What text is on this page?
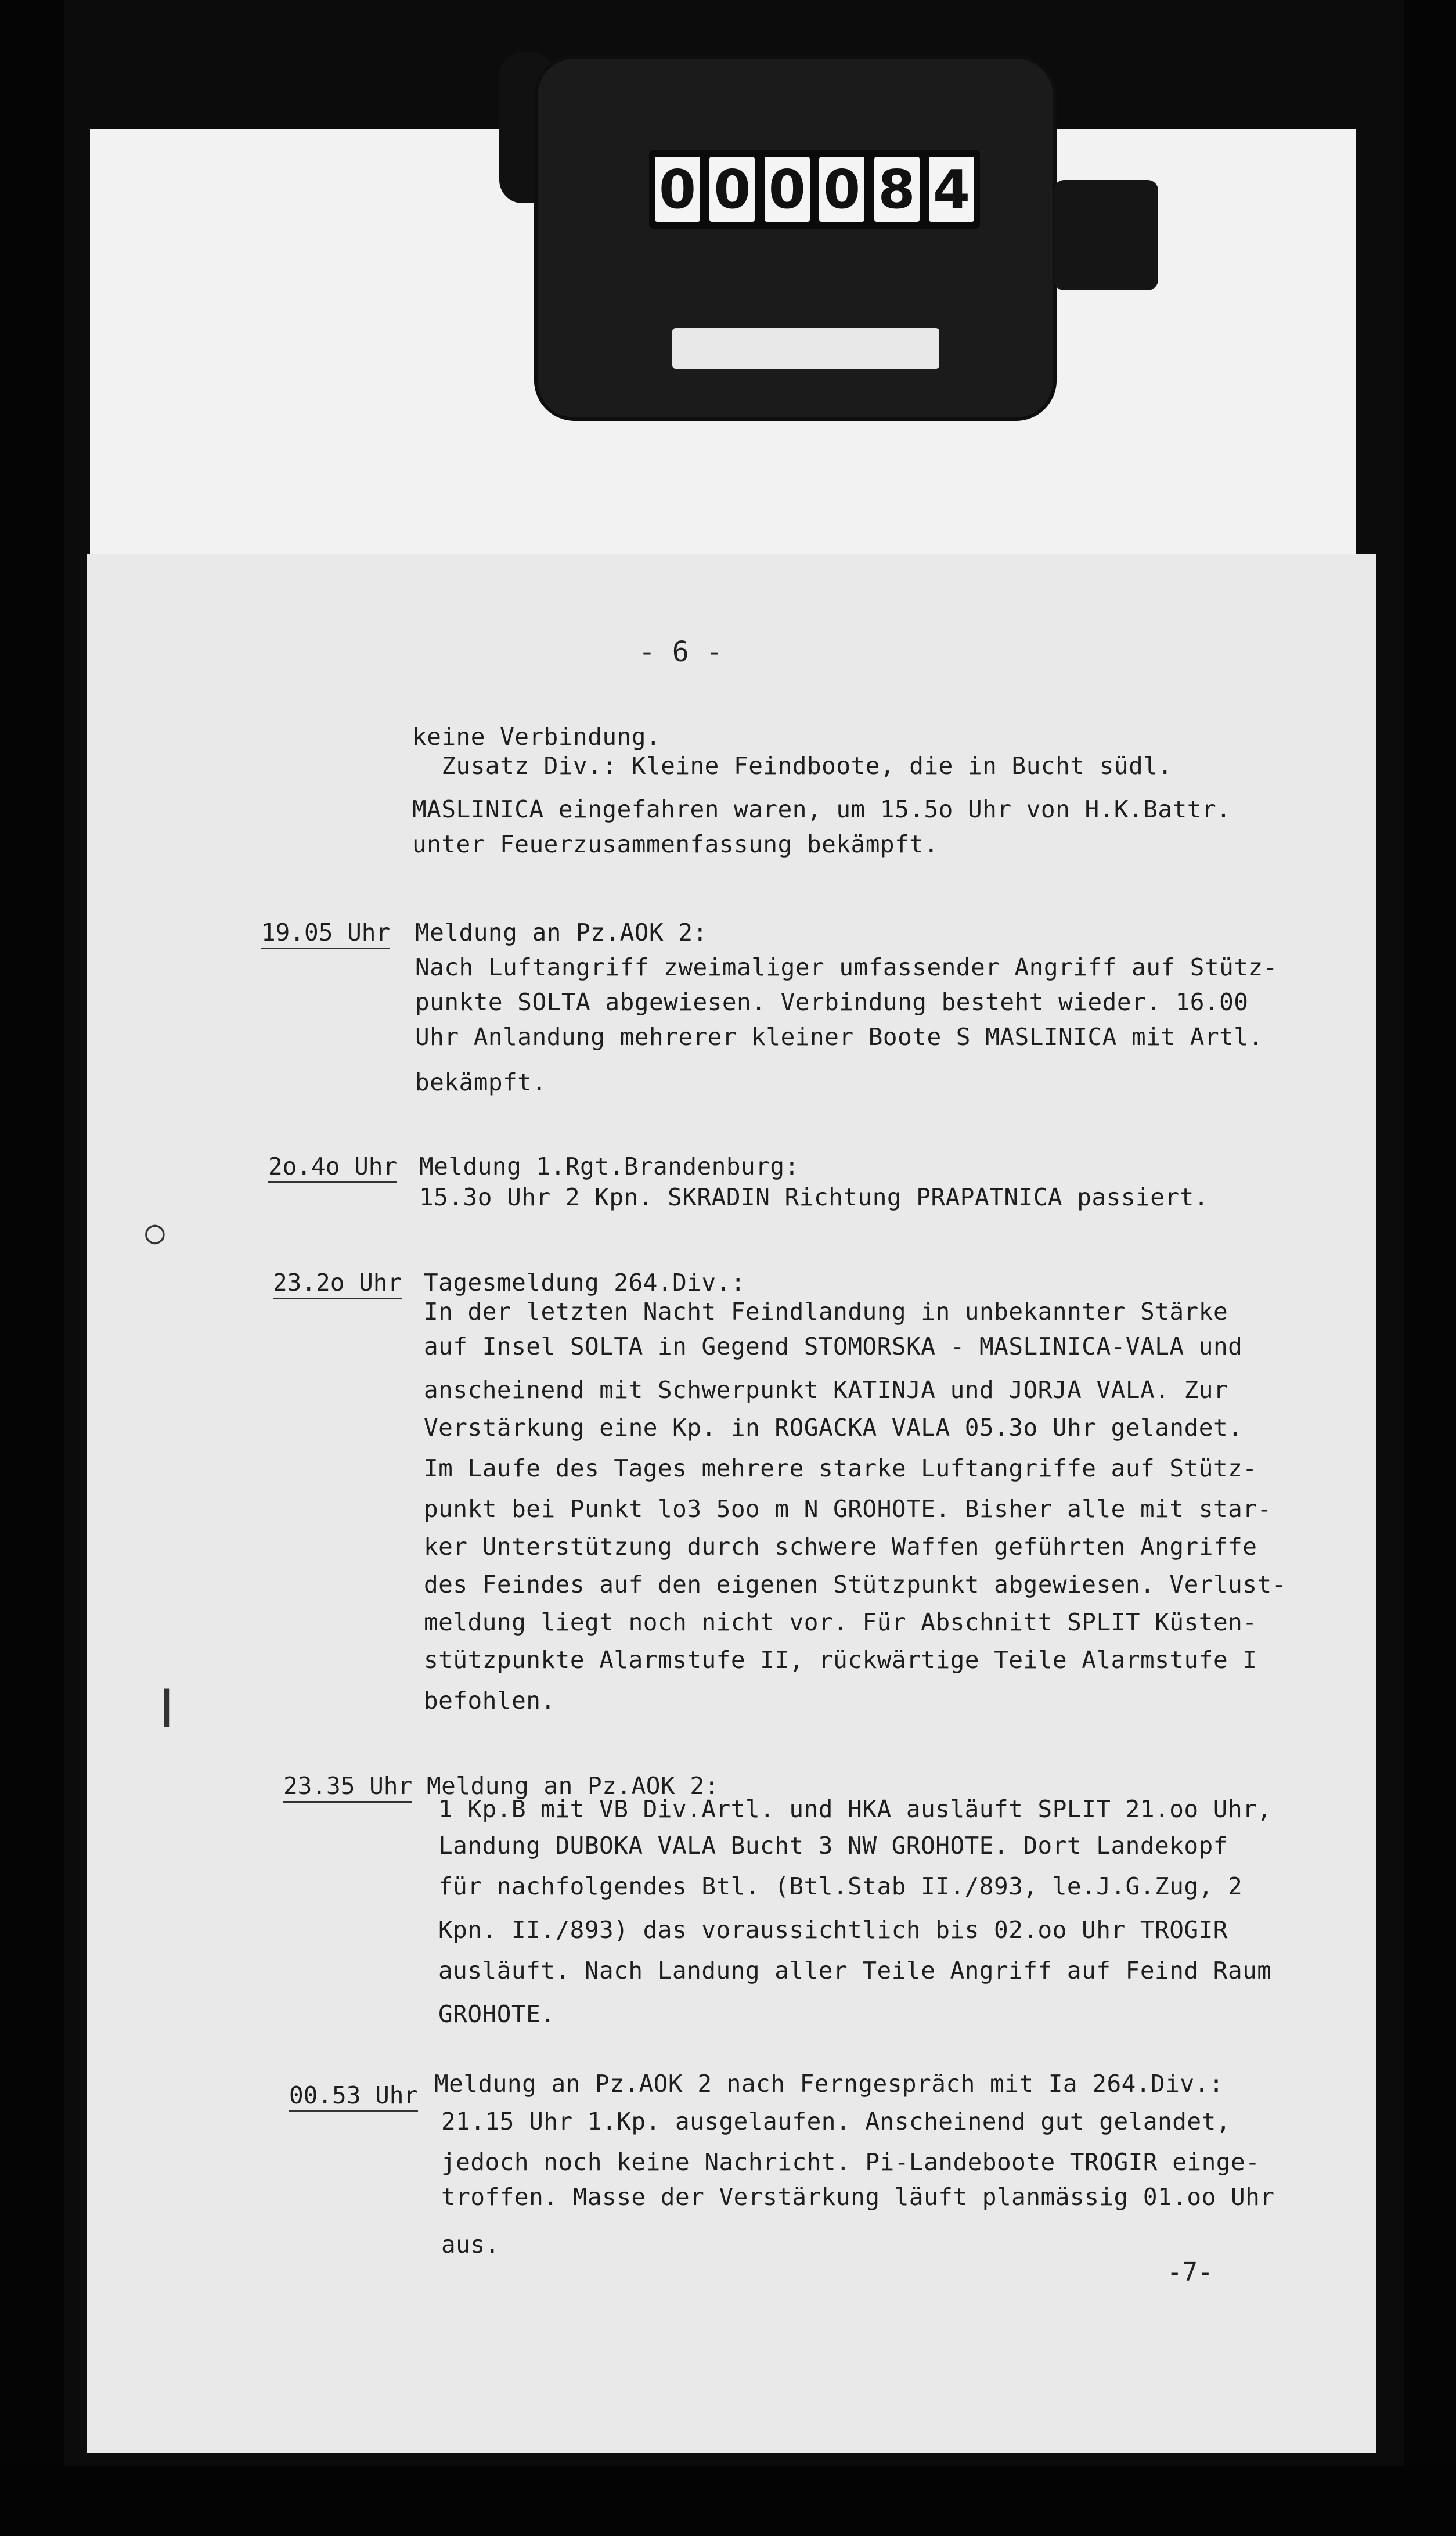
0 0 0 0 8 4
○
┃
- 6 -
keine Verbindung.
Zusatz Div.: Kleine Feindboote, die in Bucht südl.
MASLINICA eingefahren waren, um 15.5o Uhr von H.K.Battr.
unter Feuerzusammenfassung bekämpft.
19.05 Uhr Meldung an Pz.AOK 2:
Nach Luftangriff zweimaliger umfassender Angriff auf Stütz-
punkte SOLTA abgewiesen. Verbindung besteht wieder. 16.00
Uhr Anlandung mehrerer kleiner Boote S MASLINICA mit Artl.
bekämpft.
2o.4o Uhr Meldung 1.Rgt.Brandenburg:
15.3o Uhr 2 Kpn. SKRADIN Richtung PRAPATNICA passiert.
23.2o Uhr Tagesmeldung 264.Div.:
In der letzten Nacht Feindlandung in unbekannter Stärke
auf Insel SOLTA in Gegend STOMORSKA - MASLINICA-VALA und
anscheinend mit Schwerpunkt KATINJA und JORJA VALA. Zur
Verstärkung eine Kp. in ROGACKA VALA 05.3o Uhr gelandet.
Im Laufe des Tages mehrere starke Luftangriffe auf Stütz-
punkt bei Punkt lo3 5oo m N GROHOTE. Bisher alle mit star-
ker Unterstützung durch schwere Waffen geführten Angriffe
des Feindes auf den eigenen Stützpunkt abgewiesen. Verlust-
meldung liegt noch nicht vor. Für Abschnitt SPLIT Küsten-
stützpunkte Alarmstufe II, rückwärtige Teile Alarmstufe I
befohlen.
23.35 Uhr Meldung an Pz.AOK 2:
1 Kp.B mit VB Div.Artl. und HKA ausläuft SPLIT 21.oo Uhr,
Landung DUBOKA VALA Bucht 3 NW GROHOTE. Dort Landekopf
für nachfolgendes Btl. (Btl.Stab II./893, le.J.G.Zug, 2
Kpn. II./893) das voraussichtlich bis 02.oo Uhr TROGIR
ausläuft. Nach Landung aller Teile Angriff auf Feind Raum
GROHOTE.
00.53 Uhr Meldung an Pz.AOK 2 nach Ferngespräch mit Ia 264.Div.:
21.15 Uhr 1.Kp. ausgelaufen. Anscheinend gut gelandet,
jedoch noch keine Nachricht. Pi-Landeboote TROGIR einge-
troffen. Masse der Verstärkung läuft planmässig 01.oo Uhr
aus.
-7-
